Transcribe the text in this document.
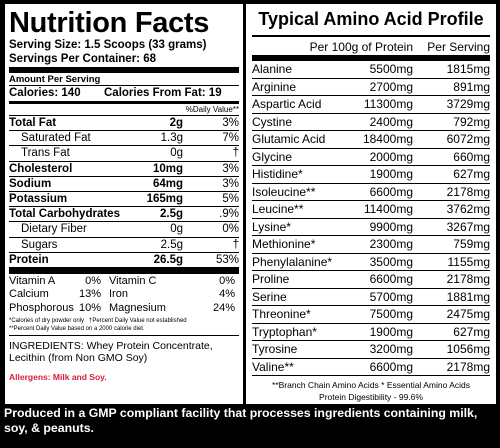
Nutrition Facts
Serving Size: 1.5 Scoops (33 grams)
Servings Per Container: 68
Amount Per Serving
Calories: 140	Calories From Fat: 19
%Daily Value**
Total Fat	2g	3%
Saturated Fat	1.3g	7%
Trans Fat	0g	†
Cholesterol	10mg	3%
Sodium	64mg	3%
Potassium	165mg	5%
Total Carbohydrates	2.5g	.9%
Dietary Fiber	0g	0%
Sugars	2.5g	†
Protein	26.5g	53%
Vitamin A	0% Vitamin C	0%
Calcium	13% Iron	4%
Phosphorous 10% Magnesium	24%
*Calories of dry powder only †Percent Daily Value not established
**Percent Daily Value based on a 2000 calorie diet.
INGREDIENTS: Whey Protein Concentrate, Lecithin (from Non GMO Soy)
Allergens: Milk and Soy.
Typical Amino Acid Profile
Per 100g of Protein	Per Serving
Alanine	5500mg	1815mg
Arginine	2700mg	891mg
Aspartic Acid	11300mg	3729mg
Cystine	2400mg	792mg
Glutamic Acid	18400mg	6072mg
Glycine	2000mg	660mg
Histidine*	1900mg	627mg
Isoleucine**	6600mg	2178mg
Leucine**	11400mg	3762mg
Lysine*	9900mg	3267mg
Methionine*	2300mg	759mg
Phenylalanine*	3500mg	1155mg
Proline	6600mg	2178mg
Serine	5700mg	1881mg
Threonine*	7500mg	2475mg
Tryptophan*	1900mg	627mg
Tyrosine	3200mg	1056mg
Valine**	6600mg	2178mg
**Branch Chain Amino Acids * Essential Amino Acids
Protein Digestibility - 99.6%
Produced in a GMP compliant facility that processes ingredients containing milk, soy, & peanuts.
